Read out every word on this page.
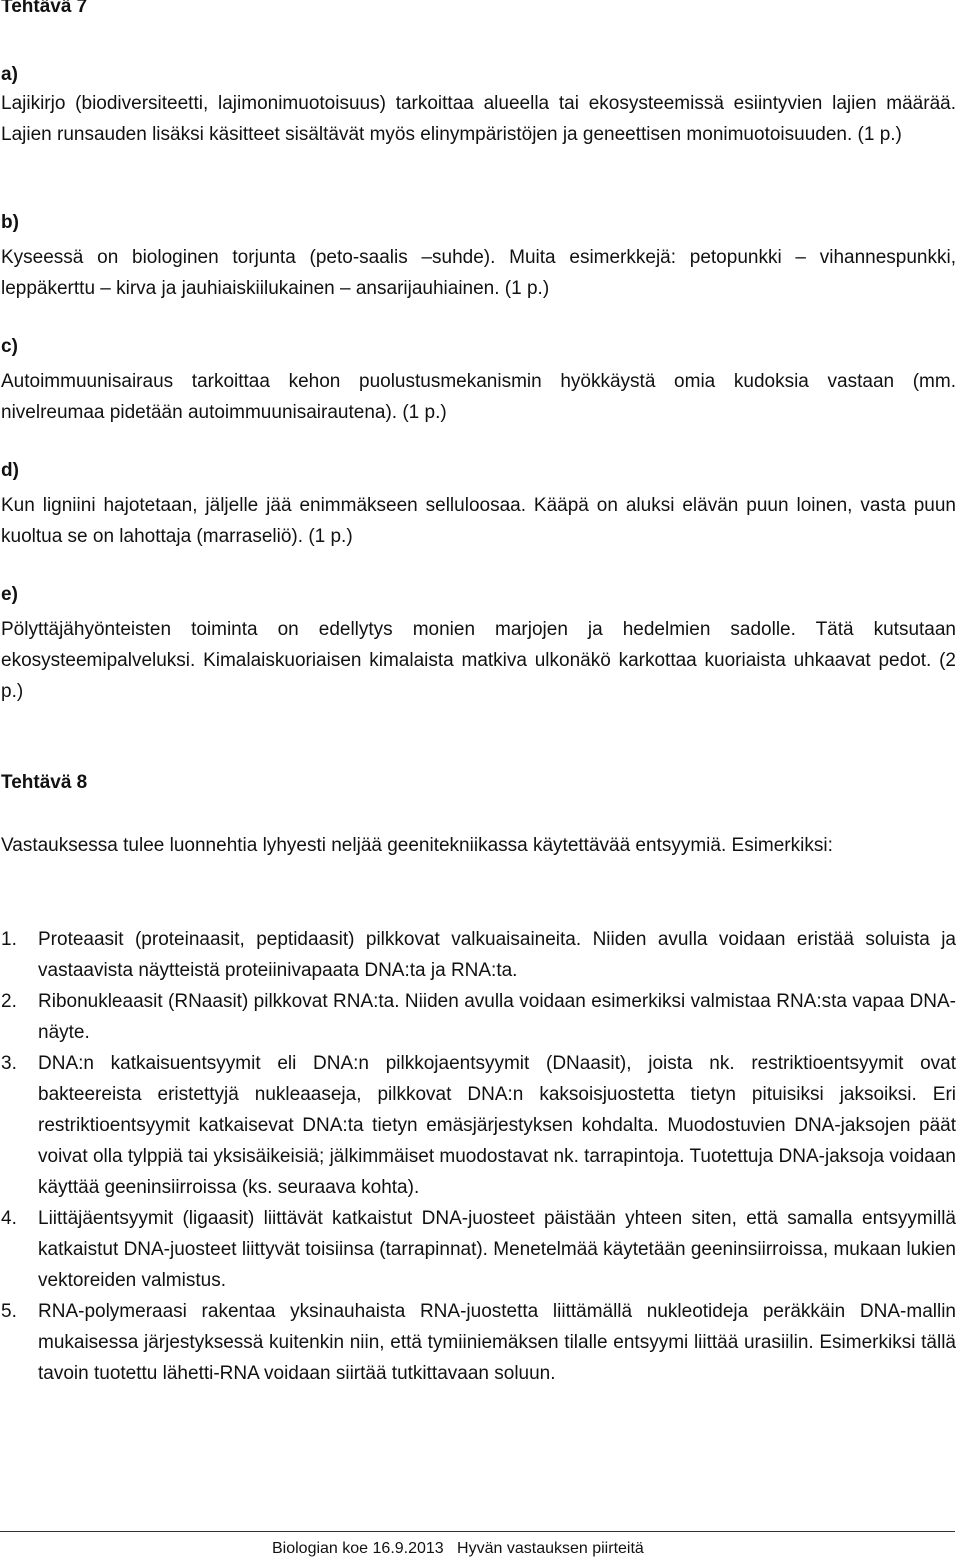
Tehtävä 7
a)

Lajikirjo (biodiversiteetti, lajimonimuotoisuus) tarkoittaa alueella tai ekosysteemissä esiintyvien lajien määrää. Lajien runsauden lisäksi käsitteet sisältävät myös elinympäristöjen ja geneettisen monimuotoisuuden. (1 p.)

b)

Kyseessä on biologinen torjunta (peto-saalis –suhde). Muita esimerkkejä: petopunkki – vihannespunkki, leppäkerttu – kirva ja jauhiaiskiilukainen – ansarijauhiainen. (1 p.)

c)

Autoimmuunisairaus tarkoittaa kehon puolustusmekanismin hyökkäystä omia kudoksia vastaan (mm. nivelreumaa pidetään autoimmuunisairautena). (1 p.)

d)

Kun ligniini hajotetaan, jäljelle jää enimmäkseen selluloosaa. Kääpä on aluksi elävän puun loinen, vasta puun kuoltua se on lahottaja (marraseliö). (1 p.)

e)

Pölyttäjähyönteisten toiminta on edellytys monien marjojen ja hedelmien sadolle. Tätä kutsutaan ekosysteemipalveluksi. Kimalaiskuoriaisen kimalaista matkiva ulkonäkö karkottaa kuoriaista uhkaavat pedot. (2 p.)

Tehtävä 8

Vastauksessa tulee luonnehtia lyhyesti neljää geenitekniikassa käytettävää entsyymiä. Esimerkiksi:

1. Proteaasit (proteinaasit, peptidaasit) pilkkovat valkuaisaineita. Niiden avulla voidaan eristää soluista ja vastaavista näytteistä proteiinivapaata DNA:ta ja RNA:ta.
2. Ribonukleaasit (RNaasit) pilkkovat RNA:ta. Niiden avulla voidaan esimerkiksi valmistaa RNA:sta vapaa DNA-näyte.
3. DNA:n katkaisuentsyymit eli DNA:n pilkkojaentsyymit (DNaasit), joista nk. restriktioentsyymit ovat bakteereista eristettyjä nukleaaseja, pilkkovat DNA:n kaksoisjuostetta tietyn pituisiksi jaksoiksi. Eri restriktioentsyymit katkaisevat DNA:ta tietyn emäsjärjestyksen kohdalta. Muodostuvien DNA-jaksojen päät voivat olla tylppiä tai yksisäikeisiä; jälkimmäiset muodostavat nk. tarrapintoja. Tuotettuja DNA-jaksoja voidaan käyttää geeninsiirroissa (ks. seuraava kohta).
4. Liittäjäentsyymit (ligaasit) liittävät katkaistut DNA-juosteet päistään yhteen siten, että samalla entsyymillä katkaistut DNA-juosteet liittyvät toisiinsa (tarrapinnat). Menetelmää käytetään geeninsiirroissa, mukaan lukien vektoreiden valmistus.
5. RNA-polymeraasi rakentaa yksinauhaista RNA-juostetta liittämällä nukleotideja peräkkäin DNA-mallin mukaisessa järjestyksessä kuitenkin niin, että tymiiniemäksen tilalle entsyymi liittää urasiilin. Esimerkiksi tällä tavoin tuotettu lähetti-RNA voidaan siirtää tutkittavaan soluun.
Biologian koe 16.9.2013 Hyvän vastauksen piirteitä
